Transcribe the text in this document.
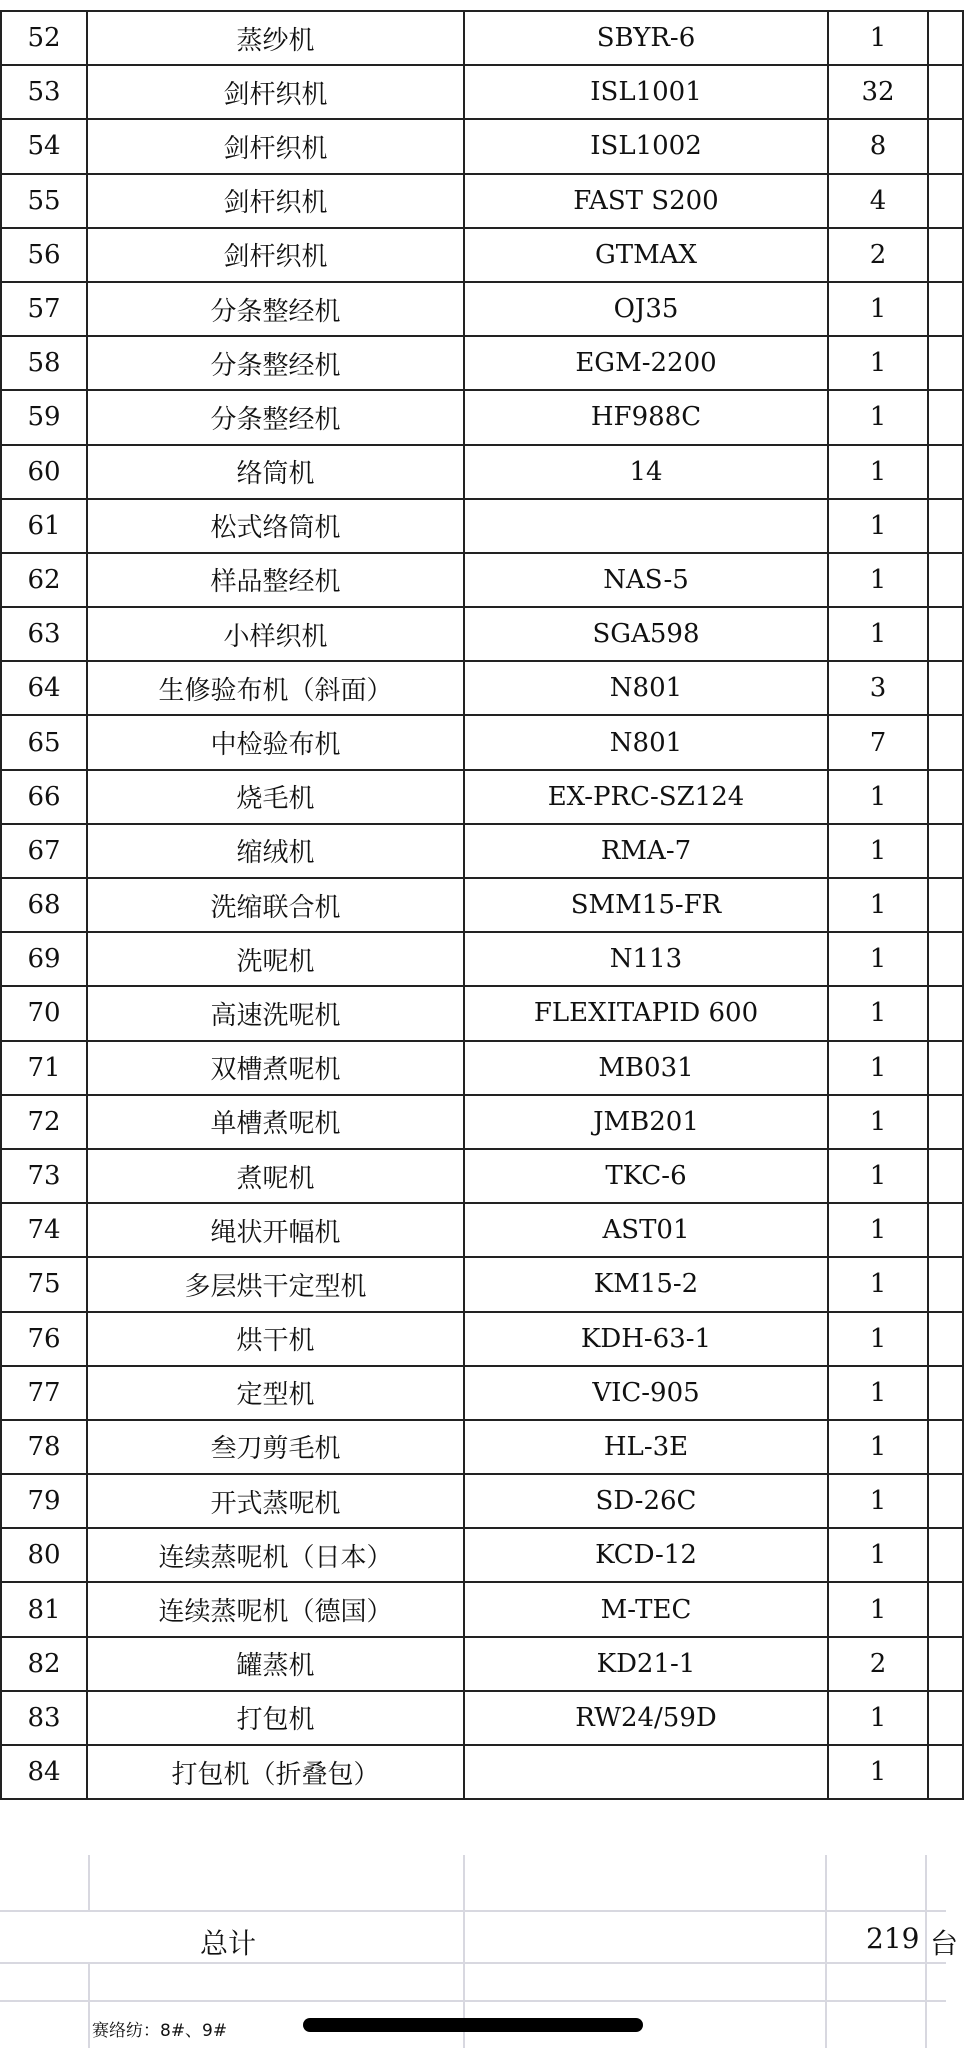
52	蒸纱机	SBYR-6	1	
53	剑杆织机	ISL1001	32	
54	剑杆织机	ISL1002	8	
55	剑杆织机	FAST S200	4	
56	剑杆织机	GTMAX	2	
57	分条整经机	OJ35	1	
58	分条整经机	EGM-2200	1	
59	分条整经机	HF988C	1	
60	络筒机	14	1	
61	松式络筒机		1	
62	样品整经机	NAS-5	1	
63	小样织机	SGA598	1	
64	生修验布机（斜面）	N801	3	
65	中检验布机	N801	7	
66	烧毛机	EX-PRC-SZ124	1	
67	缩绒机	RMA-7	1	
68	洗缩联合机	SMM15-FR	1	
69	洗呢机	N113	1	
70	高速洗呢机	FLEXITAPID 600	1	
71	双槽煮呢机	MB031	1	
72	单槽煮呢机	JMB201	1	
73	煮呢机	TKC-6	1	
74	绳状开幅机	AST01	1	
75	多层烘干定型机	KM15-2	1	
76	烘干机	KDH-63-1	1	
77	定型机	VIC-905	1	
78	叁刀剪毛机	HL-3E	1	
79	开式蒸呢机	SD-26C	1	
80	连续蒸呢机（日本）	KCD-12	1	
81	连续蒸呢机（德国）	M-TEC	1	
82	罐蒸机	KD21-1	2	
83	打包机	RW24/59D	1	
84	打包机（折叠包）		1	
总计	219 台
赛络纺：8#、9#
